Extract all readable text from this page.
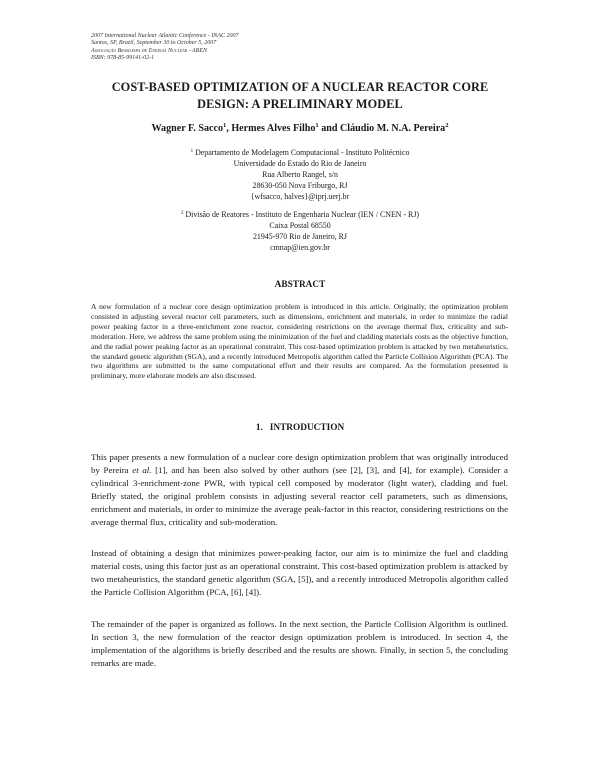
2007 International Nuclear Atlantic Conference - INAC 2007
Santos, SP, Brazil, September 30 to October 5, 2007
Associação Brasileira de Energia Nuclear - ABEN
ISBN: 978-85-99141-02-1
COST-BASED OPTIMIZATION OF A NUCLEAR REACTOR CORE
DESIGN: A PRELIMINARY MODEL
Wagner F. Sacco$^1$, Hermes Alves Filho$^1$ and Cláudio M. N.A. Pereira$^2$
$^1$ Departamento de Modelagem Computacional - Instituto Politécnico
Universidade do Estado do Rio de Janeiro
Rua Alberto Rangel, s/n
28630-050 Nova Friburgo, RJ
{wfsacco, halves}@iprj.uerj.br
$^2$ Divisão de Reatores - Instituto de Engenharia Nuclear (IEN / CNEN - RJ)
Caixa Postal 68550
21945-970 Rio de Janeiro, RJ
cmnap@ien.gov.br
ABSTRACT

A new formulation of a nuclear core design optimization problem is introduced in this article. Originally, the optimization problem consisted in adjusting several reactor cell parameters, such as dimensions, enrichment and materials, in order to minimize the radial power peaking factor in a three-enrichment zone reactor, considering restrictions on the average thermal flux, criticality and sub-moderation. Here, we address the same problem using the minimization of the fuel and cladding materials costs as the objective function, and the radial power peaking factor as an operational constraint. This cost-based optimization problem is attacked by two metaheuristics, the standard genetic algorithm (SGA), and a recently introduced Metropolis algorithm called the Particle Collision Algorithm (PCA). The two algorithms are submitted to the same computational effort and their results are compared. As the formulation presented is preliminary, more elaborate models are also discussed.

1.   INTRODUCTION

This paper presents a new formulation of a nuclear core design optimization problem that was originally introduced by Pereira et al. [1], and has been also solved by other authors (see [2], [3], and [4], for example). Consider a cylindrical 3-enrichment-zone PWR, with typical cell composed by moderator (light water), cladding and fuel. Briefly stated, the original problem consists in adjusting several reactor cell parameters, such as dimensions, enrichment and materials, in order to minimize the average peak-factor in this reactor, considering restrictions on the average thermal flux, criticality and sub-moderation.

Instead of obtaining a design that minimizes power-peaking factor, our aim is to minimize the fuel and cladding material costs, using this factor just as an operational constraint. This cost-based optimization problem is attacked by two metaheuristics, the standard genetic algorithm (SGA, [5]), and a recently introduced Metropolis algorithm called the Particle Collision Algorithm (PCA, [6], [4]).

The remainder of the paper is organized as follows. In the next section, the Particle Collision Algorithm is outlined. In section 3, the new formulation of the reactor design optimization problem is introduced. In section 4, the implementation of the algorithms is briefly described and the results are shown. Finally, in section 5, the concluding remarks are made.
